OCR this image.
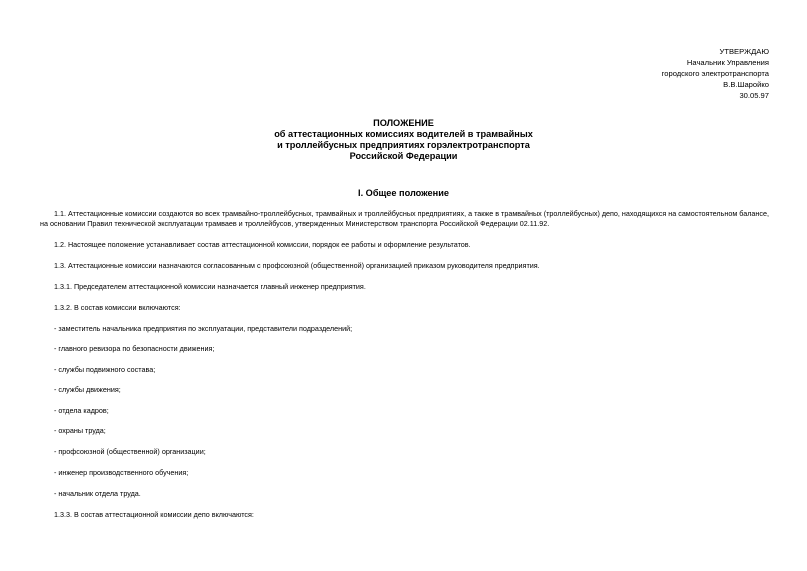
УТВЕРЖДАЮ
Начальник Управления
городского электротранспорта
В.В.Шаройко
30.05.97
ПОЛОЖЕНИЕ
об аттестационных комиссиях водителей в трамвайных
и троллейбусных предприятиях горэлектротранспорта
Российской Федерации
I. Общее положение
1.1. Аттестационные комиссии создаются во всех трамвайно-троллейбусных, трамвайных и троллейбусных предприятиях, а также в трамвайных (троллейбусных) депо, находящихся на самостоятельном балансе, на основании Правил технической эксплуатации трамваев и троллейбусов, утвержденных Министерством транспорта Российской Федерации 02.11.92.
1.2. Настоящее положение устанавливает состав аттестационной комиссии, порядок ее работы и оформление результатов.
1.3. Аттестационные комиссии назначаются согласованным с профсоюзной (общественной) организацией приказом руководителя предприятия.
1.3.1. Председателем аттестационной комиссии назначается главный инженер предприятия.
1.3.2. В состав комиссии включаются:
- заместитель начальника предприятия по эксплуатации, представители подразделений;
- главного ревизора по безопасности движения;
- службы подвижного состава;
- службы движения;
- отдела кадров;
- охраны труда;
- профсоюзной (общественной) организации;
- инженер производственного обучения;
- начальник отдела труда.
1.3.3. В состав аттестационной комиссии депо включаются:
